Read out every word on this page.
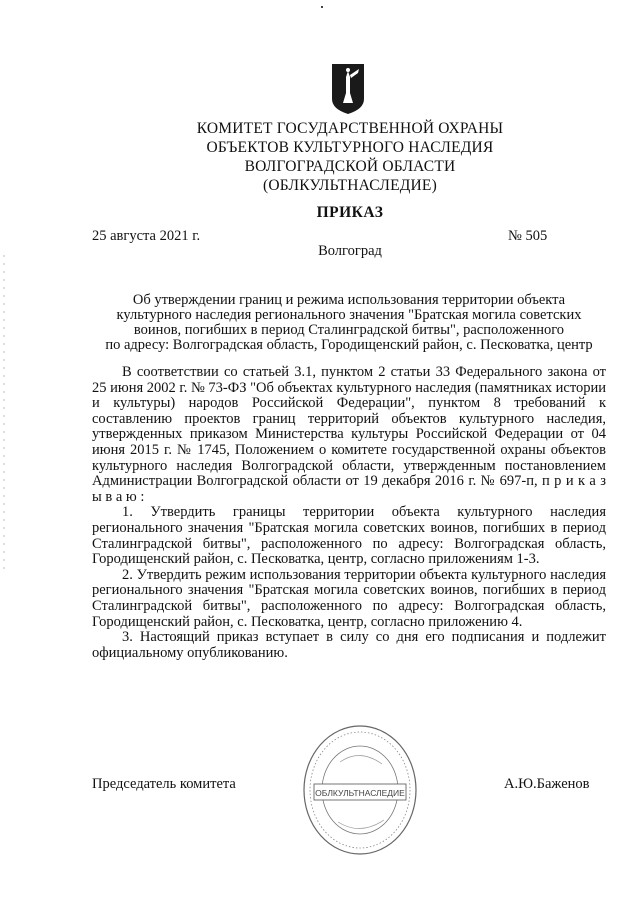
КОМИТЕТ ГОСУДАРСТВЕННОЙ ОХРАНЫ
ОБЪЕКТОВ КУЛЬТУРНОГО НАСЛЕДИЯ
ВОЛГОГРАДСКОЙ ОБЛАСТИ
(ОБЛКУЛЬТНАСЛЕДИЕ)
ПРИКАЗ
25 августа 2021 г.	№ 505
Волгоград
Об утверждении границ и режима использования территории объекта
культурного наследия регионального значения "Братская могила советских
воинов, погибших в период Сталинградской битвы", расположенного
по адресу: Волгоградская область, Городищенский район, с. Песковатка, центр

В соответствии со статьей 3.1, пунктом 2 статьи 33 Федерального закона от 25 июня 2002 г. № 73-ФЗ "Об объектах культурного наследия (памятниках истории и культуры) народов Российской Федерации", пунктом 8 требований к составлению проектов границ территорий объектов культурного наследия, утвержденных приказом Министерства культуры Российской Федерации от 04 июня 2015 г. № 1745, Положением о комитете государственной охраны объектов культурного наследия Волгоградской области, утвержденным постановлением Администрации Волгоградской области от 19 декабря 2016 г. № 697-п, п р и к а з ы в а ю :

1. Утвердить границы территории объекта культурного наследия регионального значения "Братская могила советских воинов, погибших в период Сталинградской битвы", расположенного по адресу: Волгоградская область, Городищенский район, с. Песковатка, центр, согласно приложениям 1-3.

2. Утвердить режим использования территории объекта культурного наследия регионального значения "Братская могила советских воинов, погибших в период Сталинградской битвы", расположенного по адресу: Волгоградская область, Городищенский район, с. Песковатка, центр, согласно приложению 4.

3. Настоящий приказ вступает в силу со дня его подписания и подлежит официальному опубликованию.

ОБЛКУЛЬТНАСЛЕДИЕ
Председатель комитета	А.Ю.Баженов
